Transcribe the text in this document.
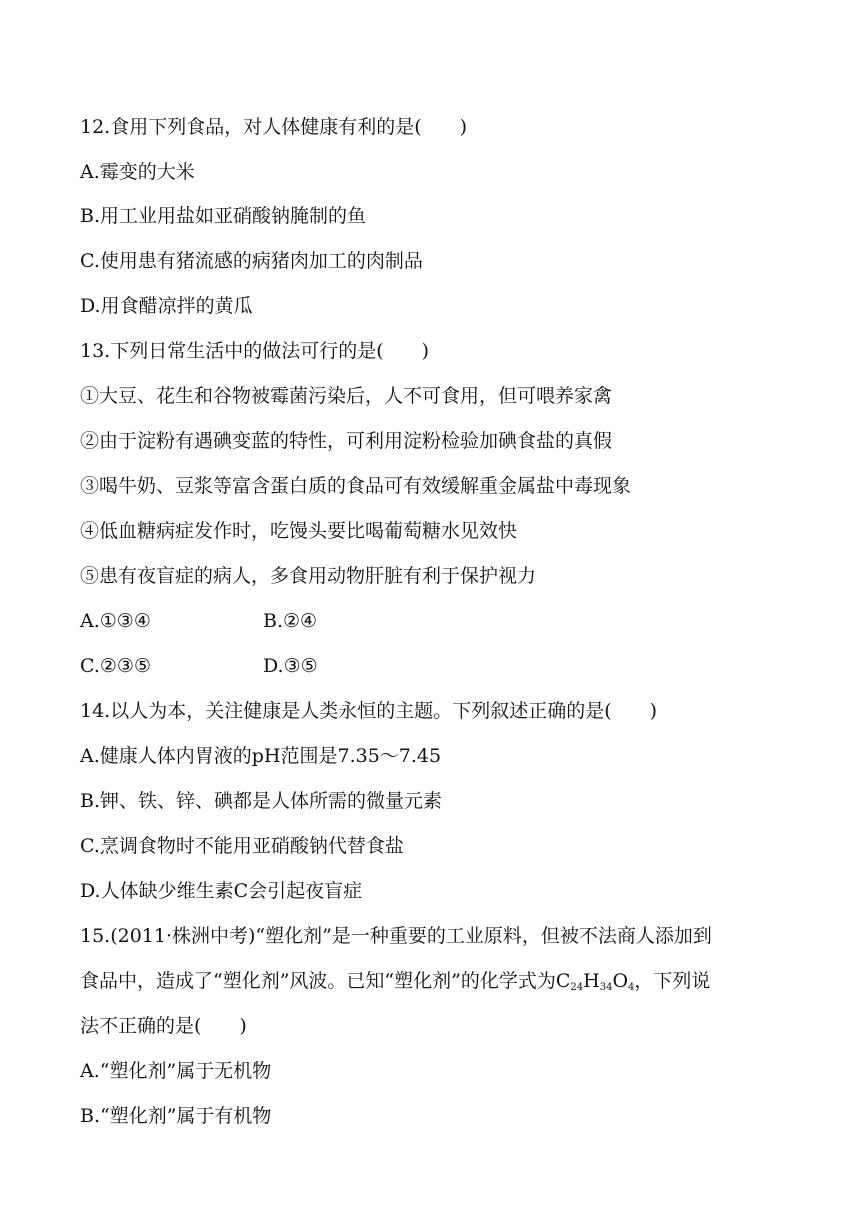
12.食用下列食品，对人体健康有利的是(　　)
A.霉变的大米
B.用工业用盐如亚硝酸钠腌制的鱼
C.使用患有猪流感的病猪肉加工的肉制品
D.用食醋凉拌的黄瓜
13.下列日常生活中的做法可行的是(　　)
①大豆、花生和谷物被霉菌污染后，人不可食用，但可喂养家禽
②由于淀粉有遇碘变蓝的特性，可利用淀粉检验加碘食盐的真假
③喝牛奶、豆浆等富含蛋白质的食品可有效缓解重金属盐中毒现象
④低血糖病症发作时，吃馒头要比喝葡萄糖水见效快
⑤患有夜盲症的病人，多食用动物肝脏有利于保护视力
A.①③④	B.②④
C.②③⑤	D.③⑤
14.以人为本，关注健康是人类永恒的主题。下列叙述正确的是(　　)
A.健康人体内胃液的pH范围是7.35～7.45
B.钾、铁、锌、碘都是人体所需的微量元素
C.烹调食物时不能用亚硝酸钠代替食盐
D.人体缺少维生素C会引起夜盲症
15.(2011·株洲中考)“塑化剂”是一种重要的工业原料，但被不法商人添加到
食品中，造成了“塑化剂”风波。已知“塑化剂”的化学式为$C_{24}H_{34}O_4$，下列说
法不正确的是(　　)
A.“塑化剂”属于无机物
B.“塑化剂”属于有机物
